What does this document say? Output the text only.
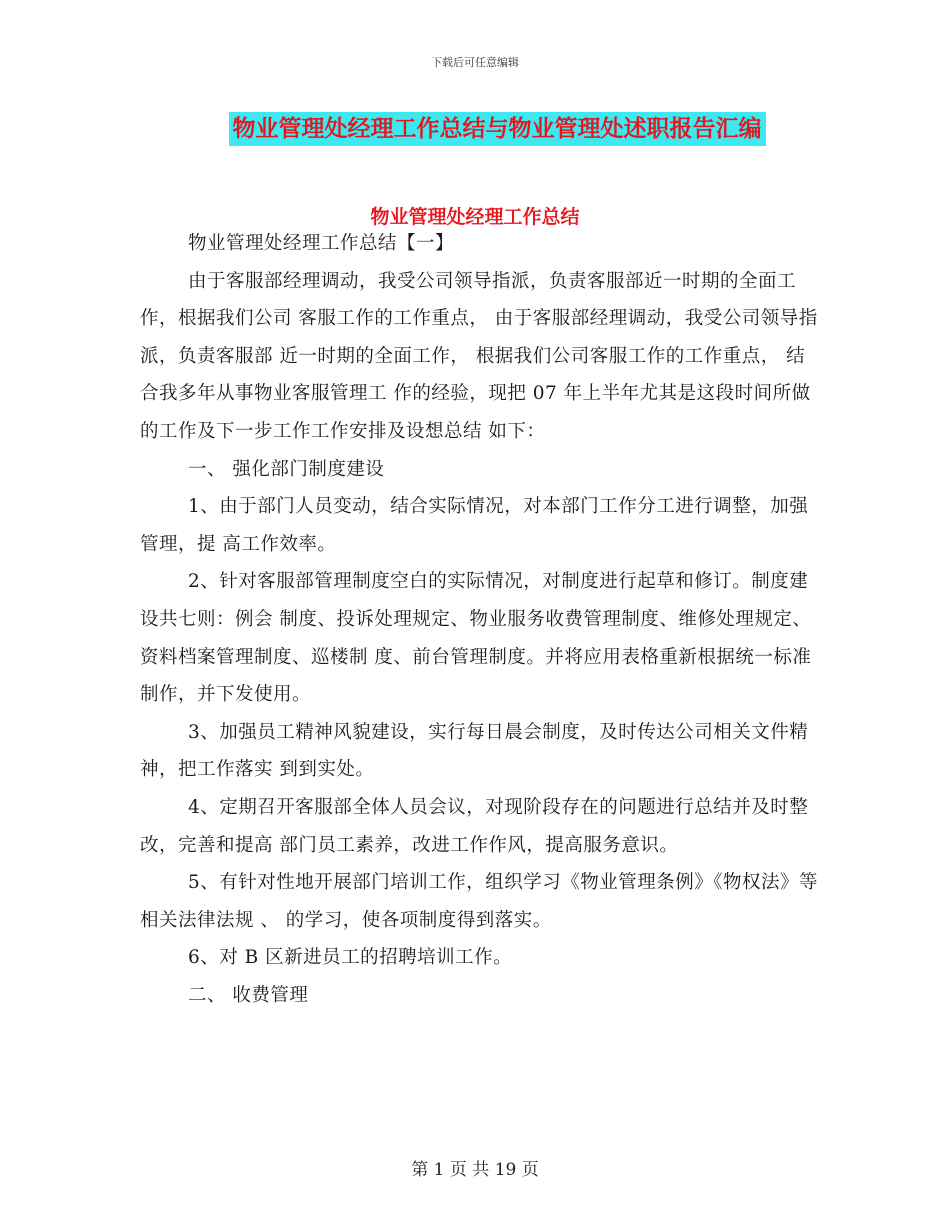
下载后可任意编辑
物业管理处经理工作总结与物业管理处述职报告汇编
物业管理处经理工作总结

物业管理处经理工作总结【一】

由于客服部经理调动，我受公司领导指派，负责客服部近一时期的全面工作，根据我们公司 客服工作的工作重点， 由于客服部经理调动，我受公司领导指派，负责客服部 近一时期的全面工作， 根据我们公司客服工作的工作重点， 结合我多年从事物业客服管理工 作的经验，现把 07 年上半年尤其是这段时间所做的工作及下一步工作工作安排及设想总结 如下：

一、 强化部门制度建设

1、由于部门人员变动，结合实际情况，对本部门工作分工进行调整，加强管理，提 高工作效率。

2、针对客服部管理制度空白的实际情况，对制度进行起草和修订。制度建设共七则：例会 制度、投诉处理规定、物业服务收费管理制度、维修处理规定、资料档案管理制度、巡楼制 度、前台管理制度。并将应用表格重新根据统一标准制作，并下发使用。

3、加强员工精神风貌建设，实行每日晨会制度，及时传达公司相关文件精神，把工作落实 到到实处。

4、定期召开客服部全体人员会议，对现阶段存在的问题进行总结并及时整改，完善和提高 部门员工素养，改进工作作风，提高服务意识。

5、有针对性地开展部门培训工作，组织学习《物业管理条例》《物权法》等相关法律法规 、 的学习，使各项制度得到落实。

6、对 B 区新进员工的招聘培训工作。

二、 收费管理

第 1 页 共 19 页
